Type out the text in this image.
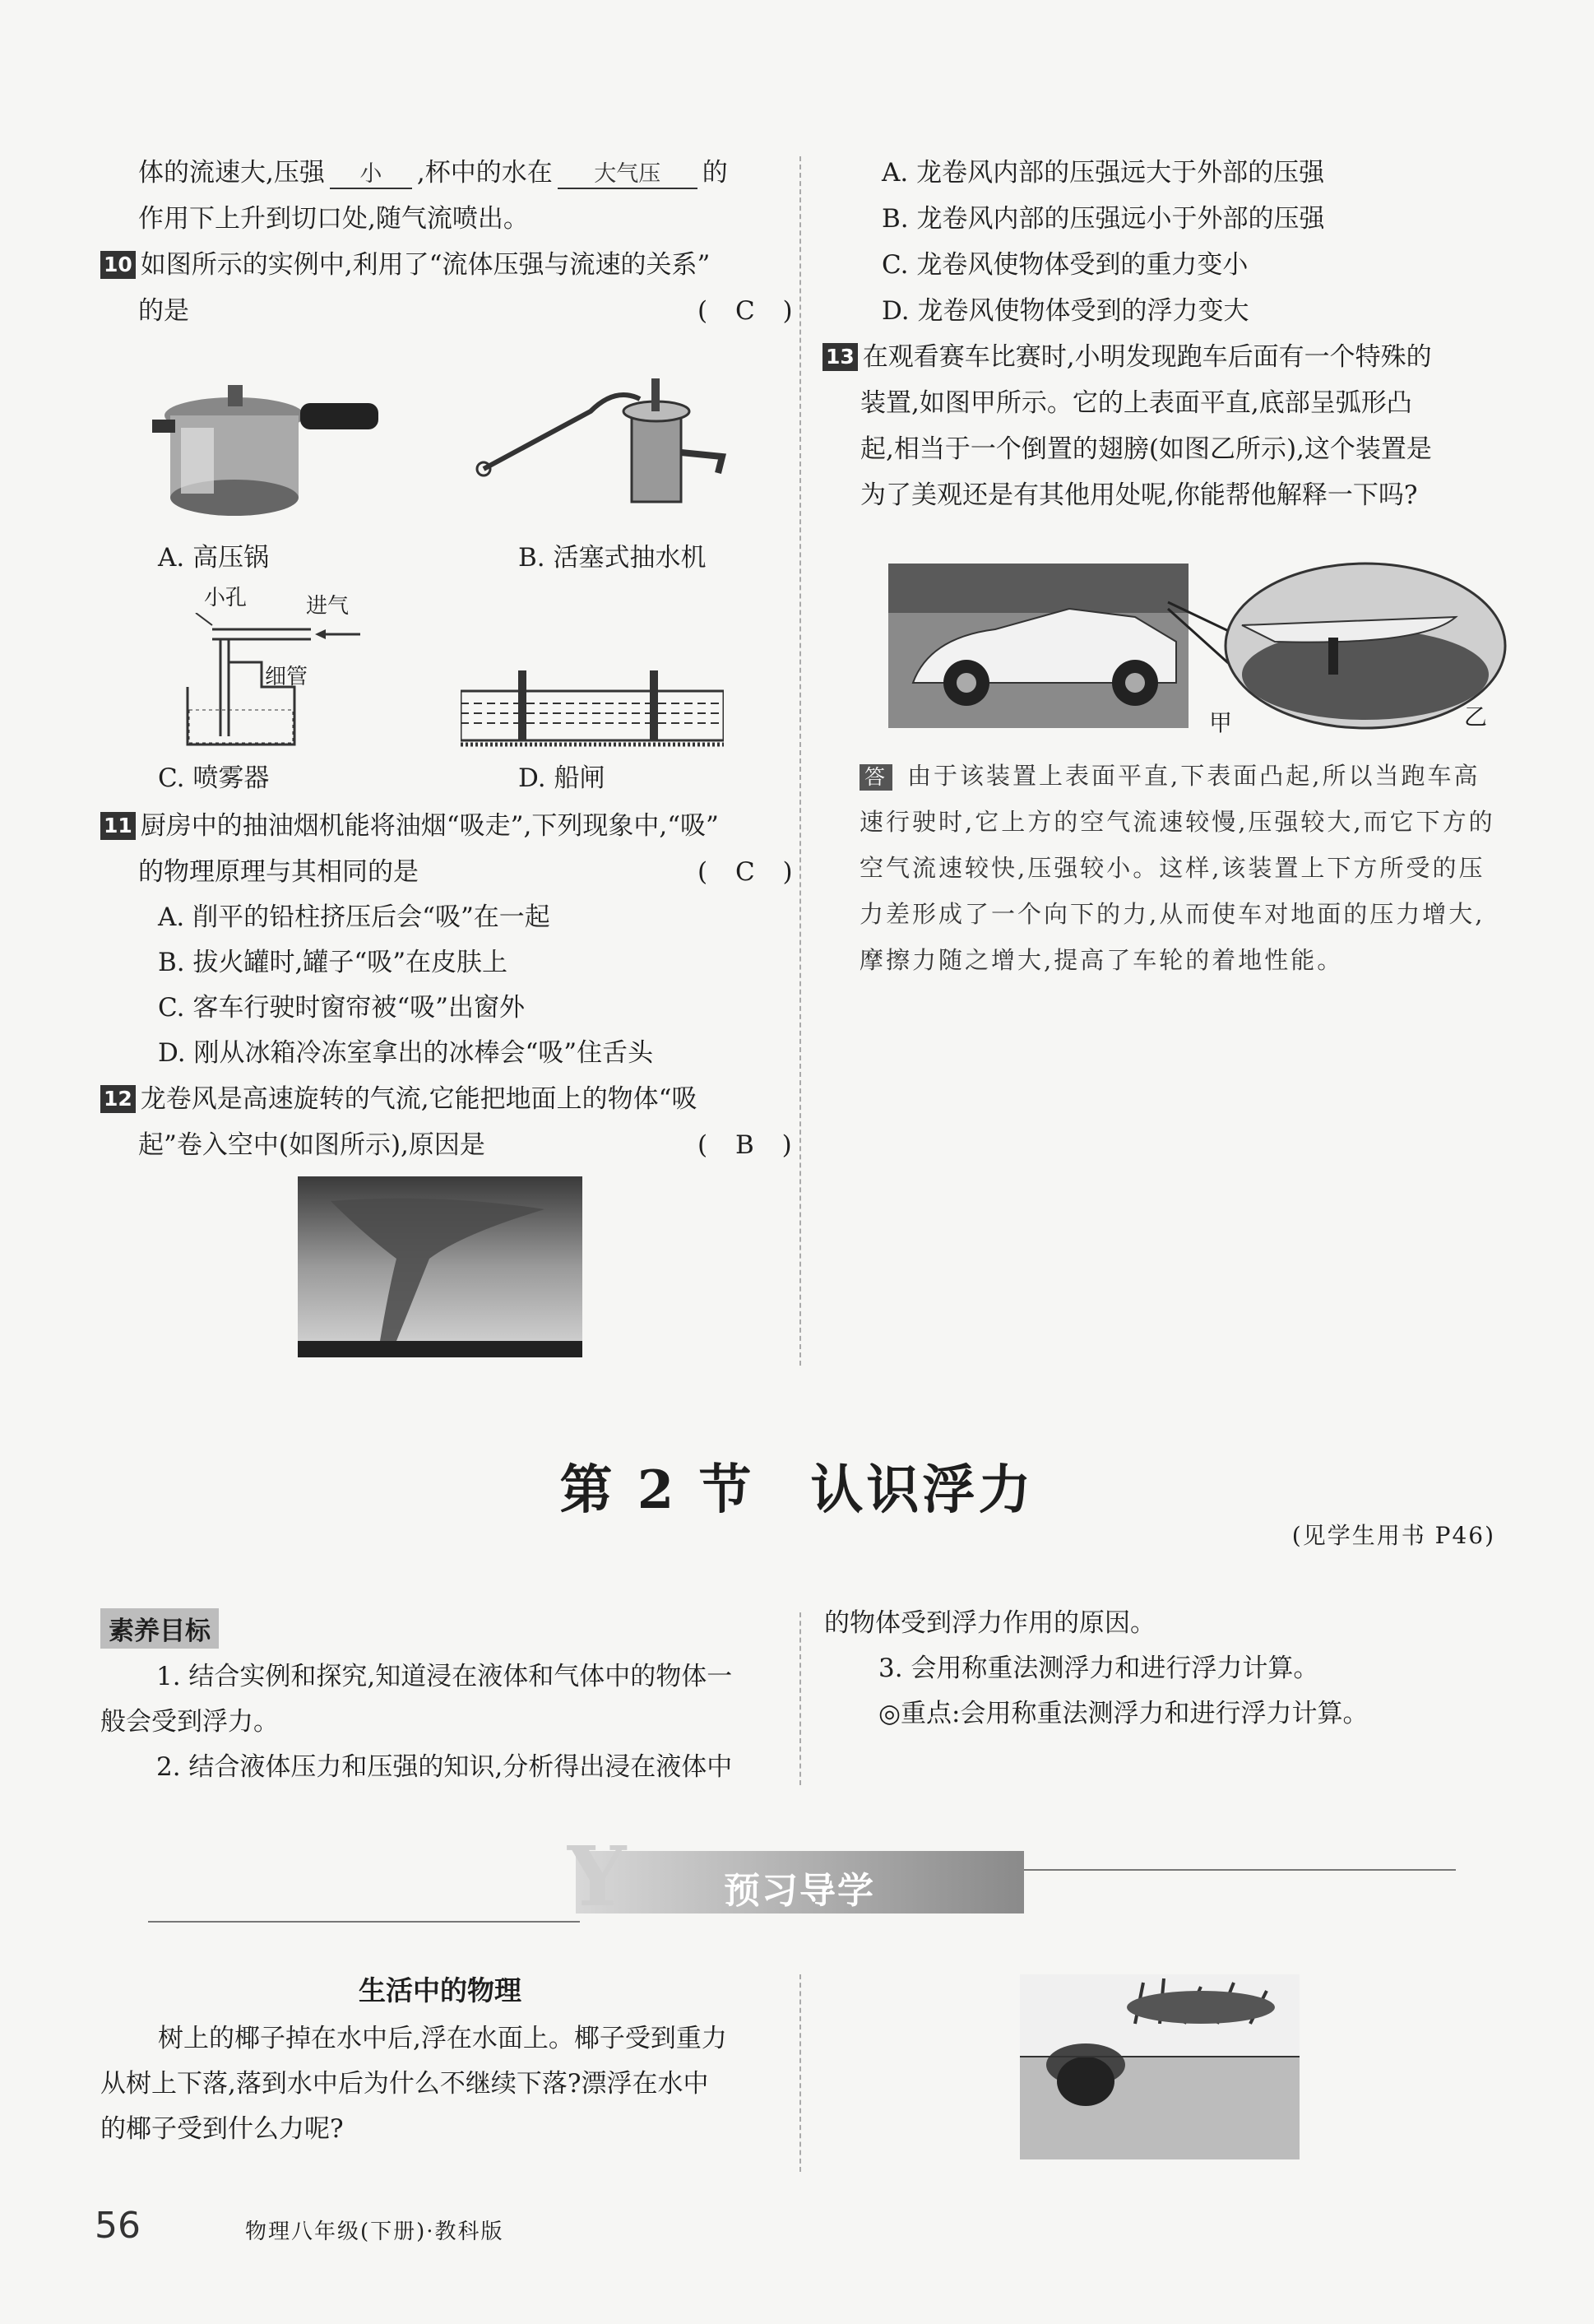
体的流速大,压强 小 ,杯中的水在 大气压 的
作用下上升到切口处,随气流喷出。
10 如图所示的实例中,利用了“流体压强与流速的关系”
的是	( C )
A. 高压锅	B. 活塞式抽水机
小孔	进气
细管
C. 喷雾器	D. 船闸
11 厨房中的抽油烟机能将油烟“吸走”,下列现象中,“吸”
的物理原理与其相同的是	( C )
A. 削平的铅柱挤压后会“吸”在一起
B. 拔火罐时,罐子“吸”在皮肤上
C. 客车行驶时窗帘被“吸”出窗外
D. 刚从冰箱冷冻室拿出的冰棒会“吸”住舌头
12 龙卷风是高速旋转的气流,它能把地面上的物体“吸
起”卷入空中(如图所示),原因是	( B )
A. 龙卷风内部的压强远大于外部的压强
B. 龙卷风内部的压强远小于外部的压强
C. 龙卷风使物体受到的重力变小
D. 龙卷风使物体受到的浮力变大
13 在观看赛车比赛时,小明发现跑车后面有一个特殊的
装置,如图甲所示。它的上表面平直,底部呈弧形凸
起,相当于一个倒置的翅膀(如图乙所示),这个装置是
为了美观还是有其他用处呢,你能帮他解释一下吗?
甲	乙
答 由于该装置上表面平直,下表面凸起,所以当跑车高速行驶时,它上方的空气流速较慢,压强较大,而它下方的空气流速较快,压强较小。这样,该装置上下方所受的压力差形成了一个向下的力,从而使车对地面的压力增大,摩擦力随之增大,提高了车轮的着地性能。
第 2 节　认识浮力
(见学生用书 P46)
素养目标
1. 结合实例和探究,知道浸在液体和气体中的物体一
般会受到浮力。
2. 结合液体压力和压强的知识,分析得出浸在液体中
的物体受到浮力作用的原因。
3. 会用称重法测浮力和进行浮力计算。
◎重点:会用称重法测浮力和进行浮力计算。
Y	预习导学
生活中的物理
树上的椰子掉在水中后,浮在水面上。椰子受到重力
从树上下落,落到水中后为什么不继续下落?漂浮在水中
的椰子受到什么力呢?
56	物理八年级(下册)·教科版
